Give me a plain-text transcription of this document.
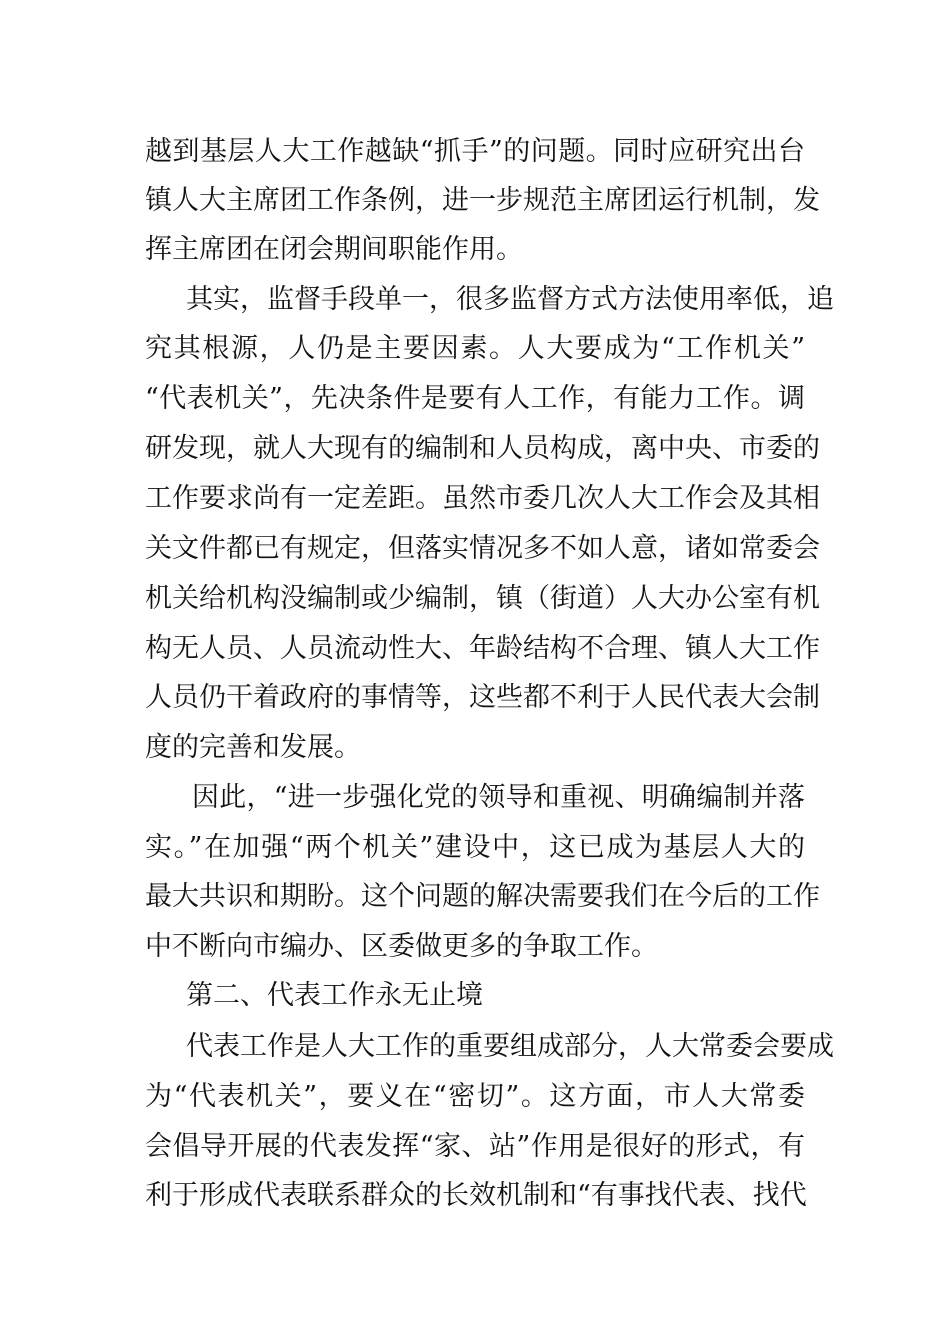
越到基层人大工作越缺“抓手”的问题。同时应研究出台
镇人大主席团工作条例，进一步规范主席团运行机制，发
挥主席团在闭会期间职能作用。
其实，监督手段单一，很多监督方式方法使用率低，追
究其根源，人仍是主要因素。人大要成为“工作机关”
“代表机关”，先决条件是要有人工作，有能力工作。调
研发现，就人大现有的编制和人员构成，离中央、市委的
工作要求尚有一定差距。虽然市委几次人大工作会及其相
关文件都已有规定，但落实情况多不如人意，诸如常委会
机关给机构没编制或少编制，镇（街道）人大办公室有机
构无人员、人员流动性大、年龄结构不合理、镇人大工作
人员仍干着政府的事情等，这些都不利于人民代表大会制
度的完善和发展。
因此，“进一步强化党的领导和重视、明确编制并落
实。”在加强“两个机关”建设中，这已成为基层人大的
最大共识和期盼。这个问题的解决需要我们在今后的工作
中不断向市编办、区委做更多的争取工作。
第二、代表工作永无止境
代表工作是人大工作的重要组成部分，人大常委会要成
为“代表机关”，要义在“密切”。这方面，市人大常委
会倡导开展的代表发挥“家、站”作用是很好的形式，有
利于形成代表联系群众的长效机制和“有事找代表、找代
